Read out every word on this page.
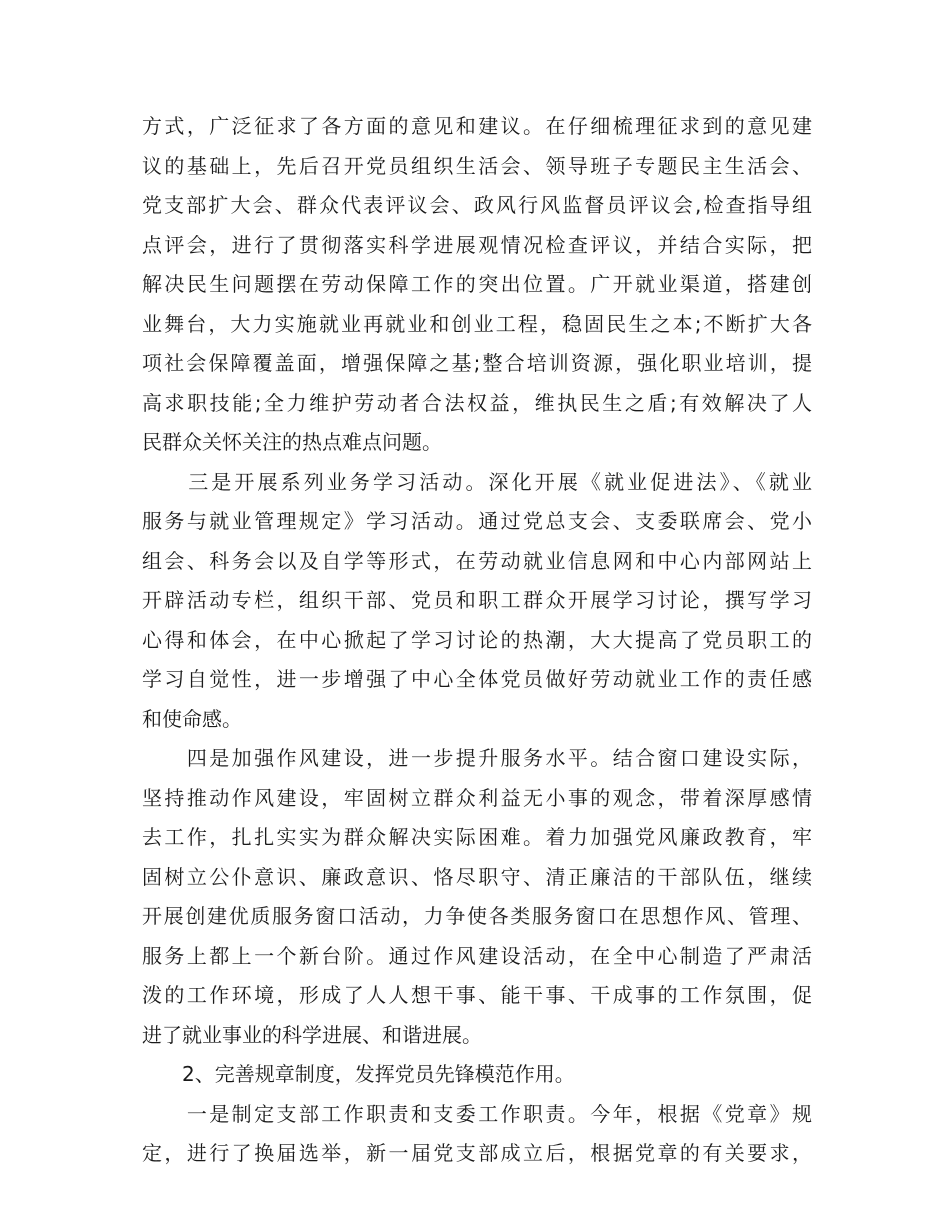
方式，广泛征求了各方面的意见和建议。在仔细梳理征求到的意见建
议的基础上，先后召开党员组织生活会、领导班子专题民主生活会、
党支部扩大会、群众代表评议会、政风行风监督员评议会,检查指导组
点评会，进行了贯彻落实科学进展观情况检查评议，并结合实际，把
解决民生问题摆在劳动保障工作的突出位置。广开就业渠道，搭建创
业舞台，大力实施就业再就业和创业工程，稳固民生之本;不断扩大各
项社会保障覆盖面，增强保障之基;整合培训资源，强化职业培训，提
高求职技能;全力维护劳动者合法权益，维执民生之盾;有效解决了人
民群众关怀关注的热点难点问题。
　　三是开展系列业务学习活动。深化开展《就业促进法》、《就业
服务与就业管理规定》学习活动。通过党总支会、支委联席会、党小
组会、科务会以及自学等形式，在劳动就业信息网和中心内部网站上
开辟活动专栏，组织干部、党员和职工群众开展学习讨论，撰写学习
心得和体会，在中心掀起了学习讨论的热潮，大大提高了党员职工的
学习自觉性，进一步增强了中心全体党员做好劳动就业工作的责任感
和使命感。
　　四是加强作风建设，进一步提升服务水平。结合窗口建设实际，
坚持推动作风建设，牢固树立群众利益无小事的观念，带着深厚感情
去工作，扎扎实实为群众解决实际困难。着力加强党风廉政教育，牢
固树立公仆意识、廉政意识、恪尽职守、清正廉洁的干部队伍，继续
开展创建优质服务窗口活动，力争使各类服务窗口在思想作风、管理、
服务上都上一个新台阶。通过作风建设活动，在全中心制造了严肃活
泼的工作环境，形成了人人想干事、能干事、干成事的工作氛围，促
进了就业事业的科学进展、和谐进展。
　　2、完善规章制度，发挥党员先锋模范作用。
　　一是制定支部工作职责和支委工作职责。今年，根据《党章》规
定，进行了换届选举，新一届党支部成立后，根据党章的有关要求，
